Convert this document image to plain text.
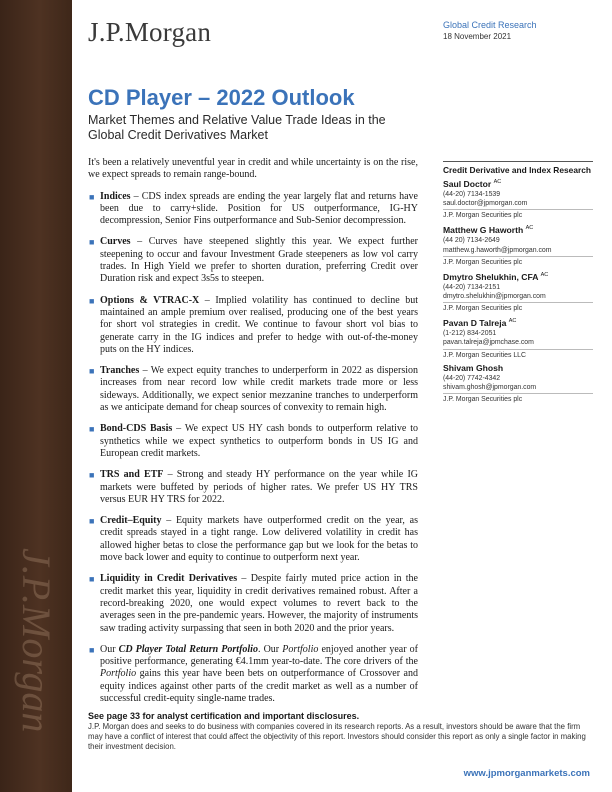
J.P.Morgan
J.P.Morgan	Global Credit Research
18 November 2021
CD Player – 2022 Outlook
Market Themes and Relative Value Trade Ideas in the Global Credit Derivatives Market

It's been a relatively uneventful year in credit and while uncertainty is on the rise, we expect spreads to remain range-bound.

■ Indices – CDS index spreads are ending the year largely flat and returns have been due to carry+slide. Position for US outperformance, IG-HY decompression, Senior Fins outperformance and Sub-Senior decompression.
■ Curves – Curves have steepened slightly this year. We expect further steepening to occur and favour Investment Grade steepeners as low vol carry trades. In High Yield we prefer to shorten duration, preferring Credit over Duration risk and expect 3s5s to steepen.
■ Options & VTRAC-X – Implied volatility has continued to decline but maintained an ample premium over realised, producing one of the best years for short vol strategies in credit. We continue to favour short vol bias to generate carry in the IG indices and prefer to hedge with out-of-the-money puts on the HY indices.
■ Tranches – We expect equity tranches to underperform in 2022 as dispersion increases from near record low while credit markets trade more or less sideways. Additionally, we expect senior mezzanine tranches to underperform as we anticipate demand for cheap sources of convexity to remain high.
■ Bond-CDS Basis – We expect US HY cash bonds to outperform relative to synthetics while we expect synthetics to outperform bonds in US IG and European credit markets.
■ TRS and ETF – Strong and steady HY performance on the year while IG markets were buffeted by periods of higher rates. We prefer US HY TRS versus EUR HY TRS for 2022.
■ Credit–Equity – Equity markets have outperformed credit on the year, as credit spreads stayed in a tight range. Low delivered volatility in credit has allowed higher betas to close the performance gap but we look for the betas to move back lower and equity to continue to outperform next year.
■ Liquidity in Credit Derivatives – Despite fairly muted price action in the credit market this year, liquidity in credit derivatives remained robust. After a record-breaking 2020, one would expect volumes to revert back to the averages seen in the pre-pandemic years. However, the majority of instruments saw trading activity surpassing that seen in both 2020 and the prior years.
■ Our CD Player Total Return Portfolio. Our Portfolio enjoyed another year of positive performance, generating €4.1mm year-to-date. The core drivers of the Portfolio gains this year have been bets on outperformance of Crossover and equity indices against other parts of the credit market as well as a number of successful credit-equity single-name trades.
Credit Derivative and Index Research
Saul Doctor $^{AC}$
(44-20) 7134-1539
saul.doctor@jpmorgan.com
J.P. Morgan Securities plc
Matthew G Haworth $^{AC}$
(44 20) 7134-2649
matthew.g.haworth@jpmorgan.com
J.P. Morgan Securities plc
Dmytro Shelukhin, CFA $^{AC}$
(44-20) 7134-2151
dmytro.shelukhin@jpmorgan.com
J.P. Morgan Securities plc
Pavan D Talreja $^{AC}$
(1-212) 834-2051
pavan.talreja@jpmchase.com
J.P. Morgan Securities LLC
Shivam Ghosh
(44-20) 7742-4342
shivam.ghosh@jpmorgan.com
J.P. Morgan Securities plc
See page 33 for analyst certification and important disclosures.
J.P. Morgan does and seeks to do business with companies covered in its research reports. As a result, investors should be aware that the firm may have a conflict of interest that could affect the objectivity of this report. Investors should consider this report as only a single factor in making their investment decision.
www.jpmorganmarkets.com
